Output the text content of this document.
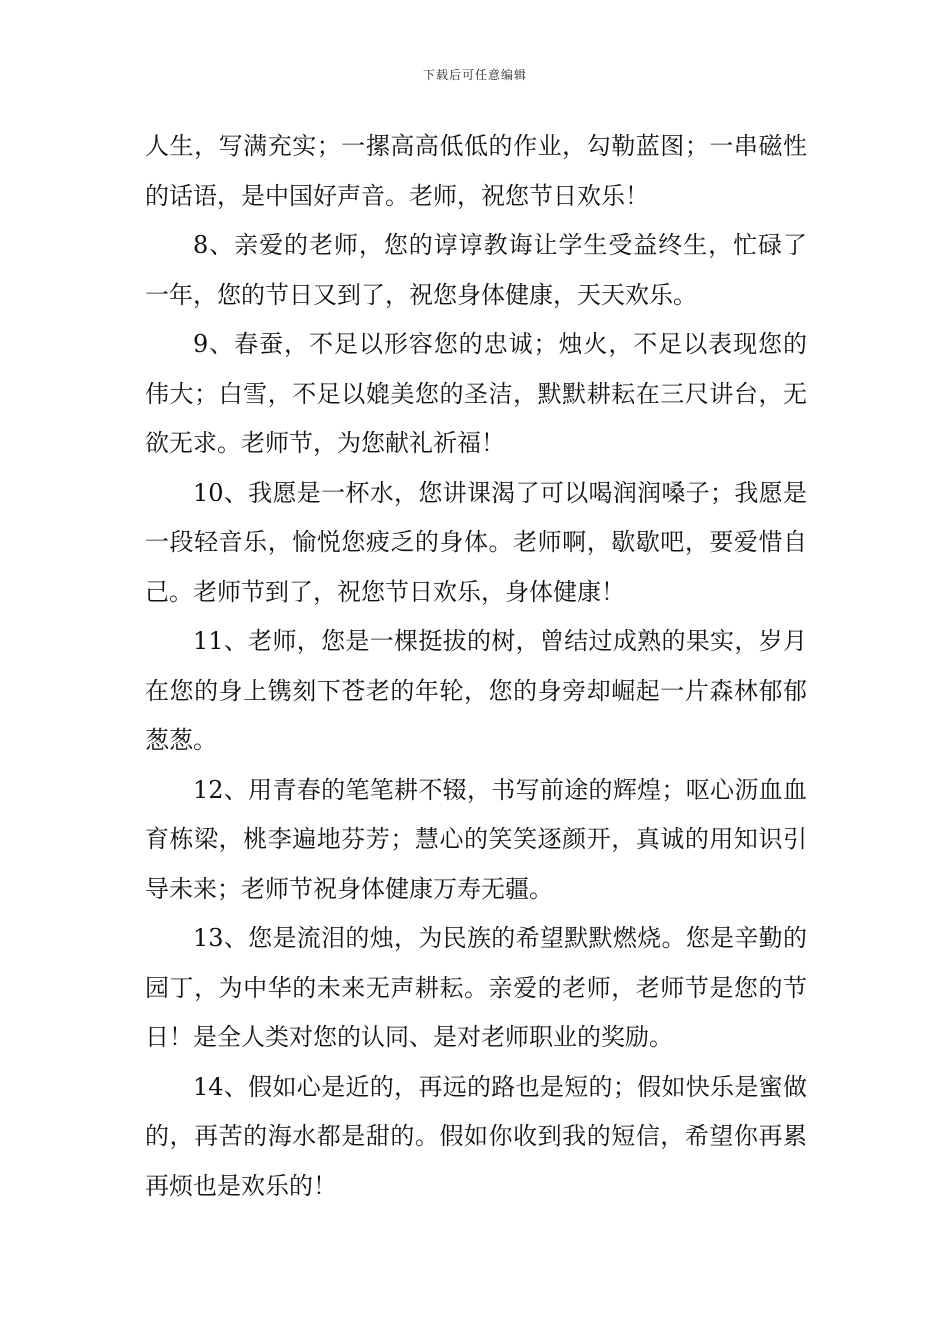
下载后可任意编辑

人生，写满充实；一摞高高低低的作业，勾勒蓝图；一串磁性的话语，是中国好声音。老师，祝您节日欢乐！

8、亲爱的老师，您的谆谆教诲让学生受益终生，忙碌了一年，您的节日又到了，祝您身体健康，天天欢乐。

9、春蚕，不足以形容您的忠诚；烛火，不足以表现您的伟大；白雪，不足以媲美您的圣洁，默默耕耘在三尺讲台，无欲无求。老师节，为您献礼祈福！

10、我愿是一杯水，您讲课渴了可以喝润润嗓子；我愿是一段轻音乐，愉悦您疲乏的身体。老师啊，歇歇吧，要爱惜自己。老师节到了，祝您节日欢乐，身体健康！

11、老师，您是一棵挺拔的树，曾结过成熟的果实，岁月在您的身上镌刻下苍老的年轮，您的身旁却崛起一片森林郁郁葱葱。

12、用青春的笔笔耕不辍，书写前途的辉煌；呕心沥血血育栋梁，桃李遍地芬芳；慧心的笑笑逐颜开，真诚的用知识引导未来；老师节祝身体健康万寿无疆。

13、您是流泪的烛，为民族的希望默默燃烧。您是辛勤的园丁，为中华的未来无声耕耘。亲爱的老师，老师节是您的节日！是全人类对您的认同、是对老师职业的奖励。

14、假如心是近的，再远的路也是短的；假如快乐是蜜做的，再苦的海水都是甜的。假如你收到我的短信，希望你再累再烦也是欢乐的！
